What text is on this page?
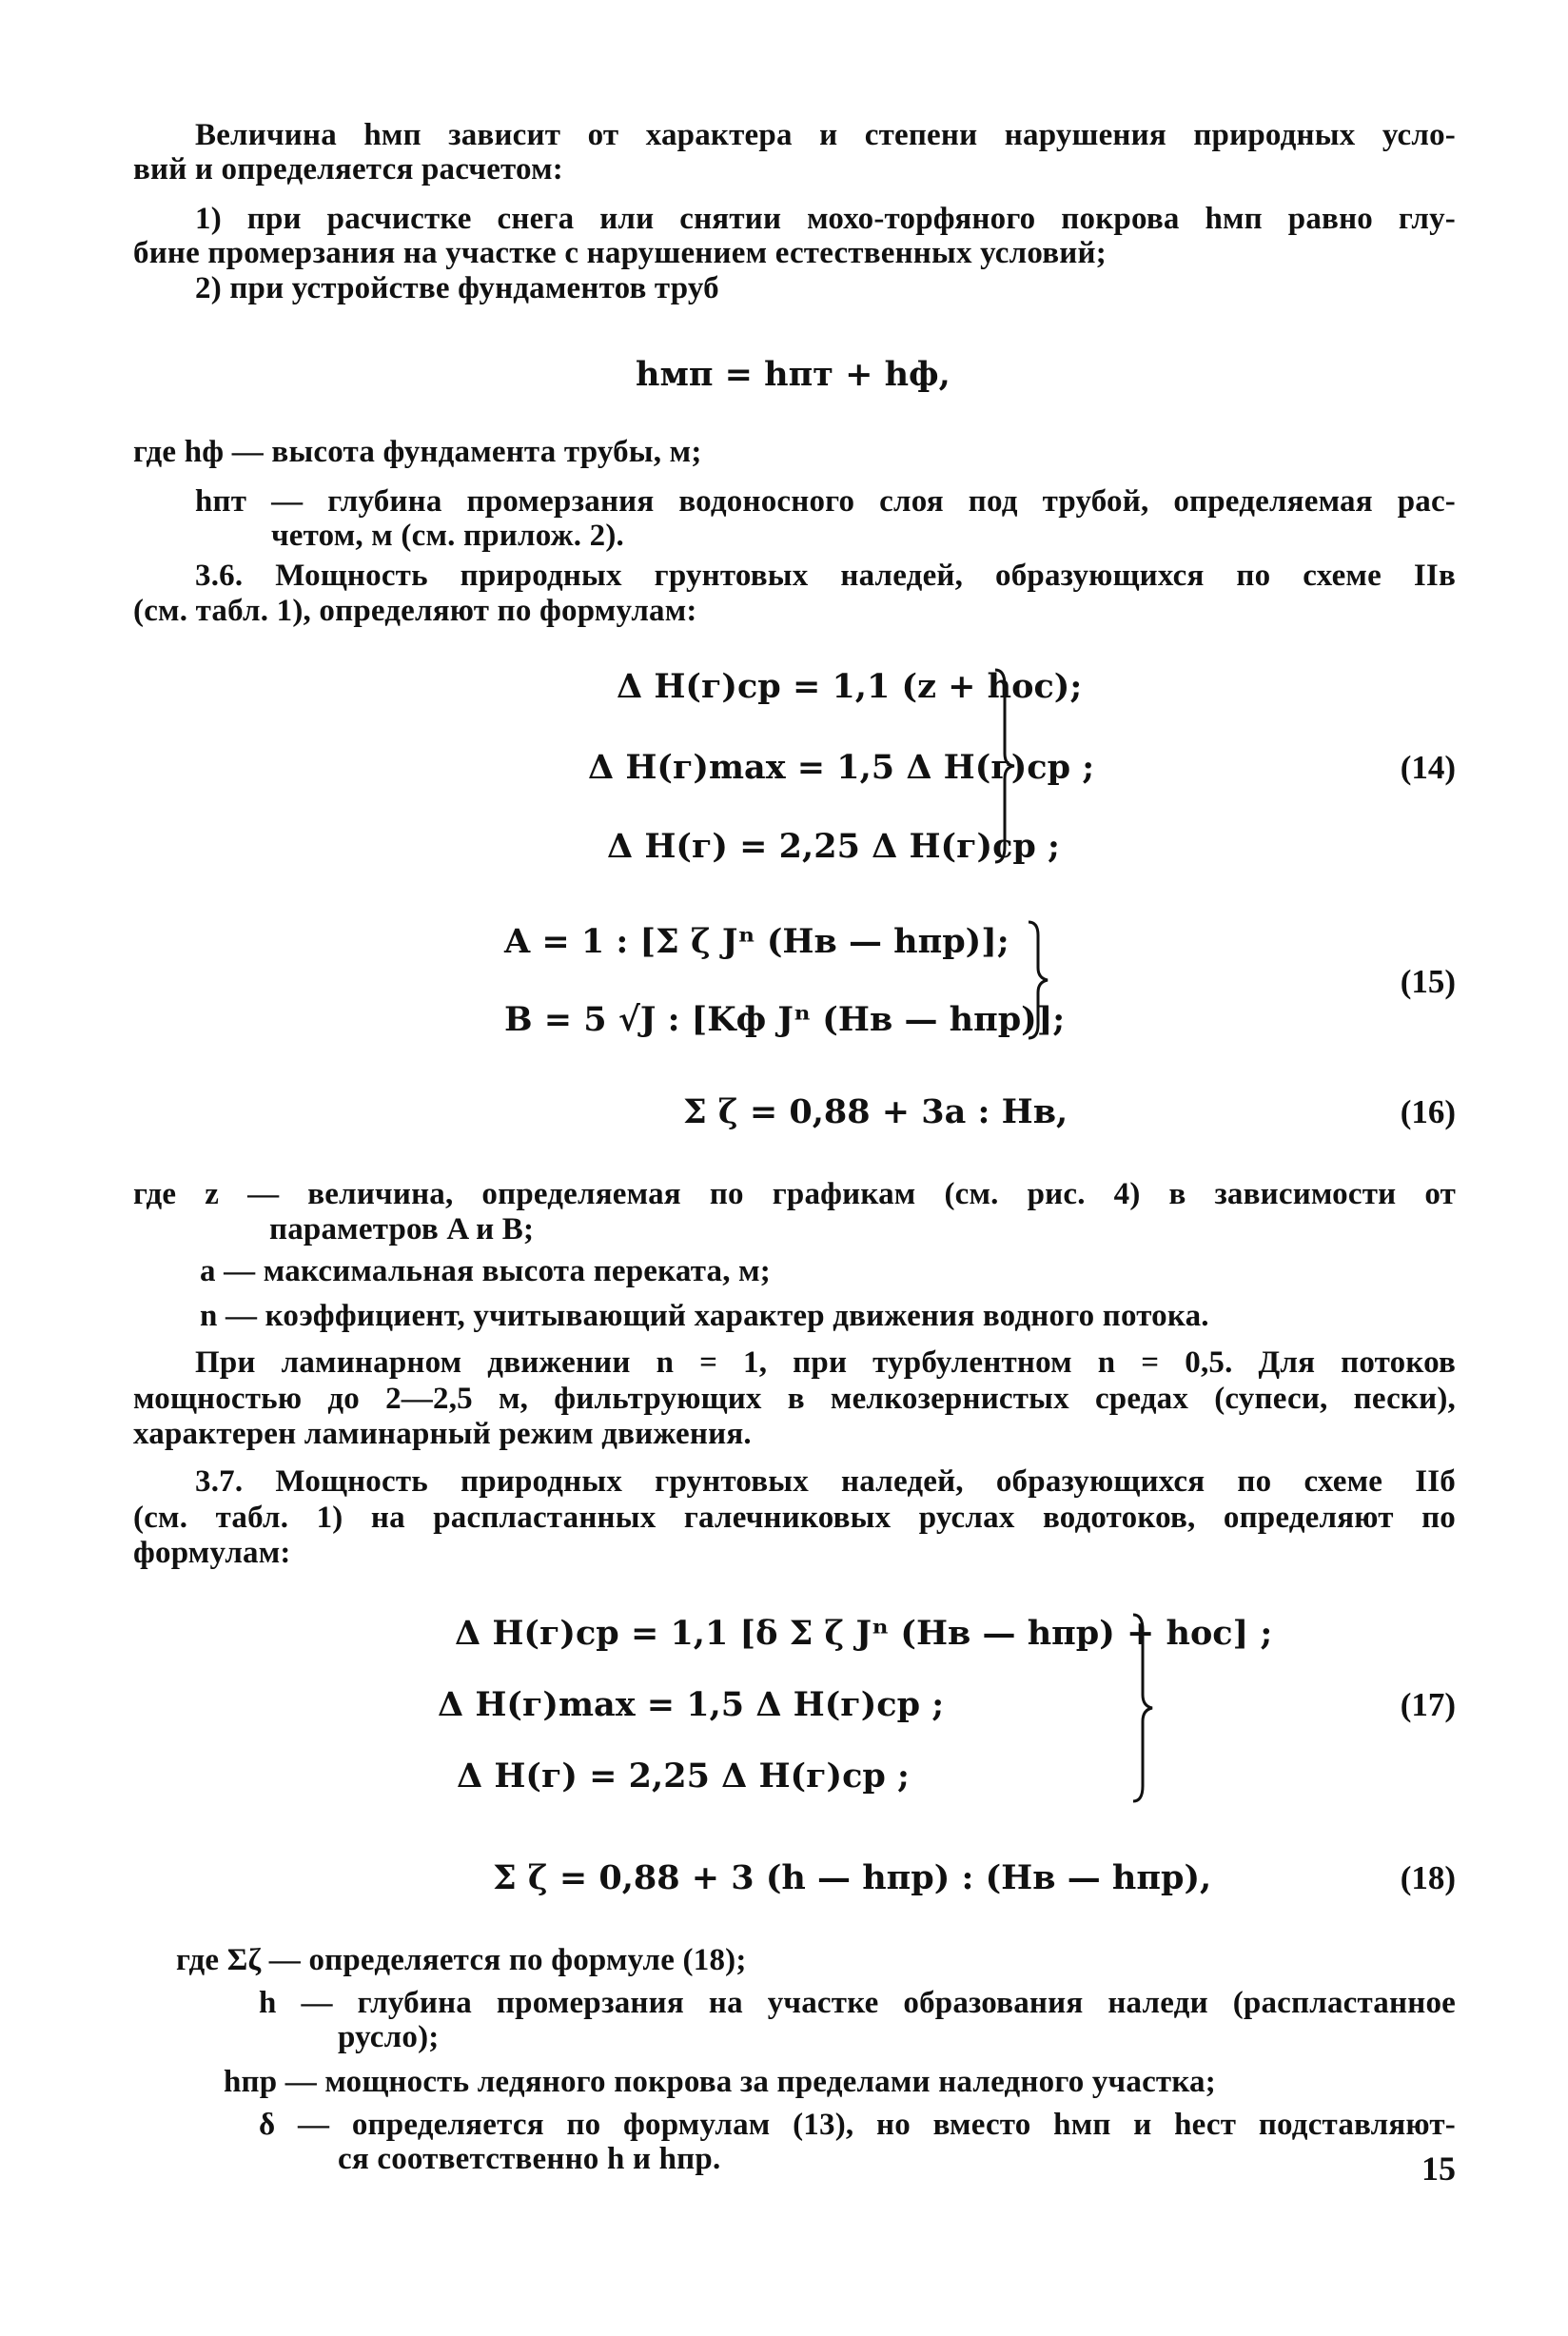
Величина hмп зависит от характера и степени нарушения природных усло-
вий и определяется расчетом:
1) при расчистке снега или снятии мохо-торфяного покрова hмп равно глу-
бине промерзания на участке с нарушением естественных условий;
2) при устройстве фундаментов труб
hмп = hпт + hф,
где hф — высота фундамента трубы, м;
hпт — глубина промерзания водоносного слоя под трубой, определяемая рас-
четом, м (см. прилож. 2).
3.6. Мощность природных грунтовых наледей, образующихся по схеме IIв
(см. табл. 1), определяют по формулам:
Δ H(г)ср = 1,1 (z + hос);
Δ H(г)max = 1,5 Δ H(г)ср ;
Δ H(г) = 2,25 Δ H(г)ср ;
(14)
A = 1 : [Σ ζ Jⁿ (Hв — hпр)];
B = 5 √J : [Kф Jⁿ (Hв — hпр)];
(15)
Σ ζ = 0,88 + 3a : Hв,	(16)
где z — величина, определяемая по графикам (см. рис. 4) в зависимости от
параметров A и B;
a — максимальная высота переката, м;
n — коэффициент, учитывающий характер движения водного потока.
При ламинарном движении n = 1, при турбулентном n = 0,5. Для потоков
мощностью до 2—2,5 м, фильтрующих в мелкозернистых средах (супеси, пески),
характерен ламинарный режим движения.
3.7. Мощность природных грунтовых наледей, образующихся по схеме IIб
(см. табл. 1) на распластанных галечниковых руслах водотоков, определяют по
формулам:
Δ H(г)ср = 1,1 [δ Σ ζ Jⁿ (Hв — hпр) + hос] ;
Δ H(г)max = 1,5 Δ H(г)ср ;
Δ H(г) = 2,25 Δ H(г)ср ;
(17)
Σ ζ = 0,88 + 3 (h — hпр) : (Hв — hпр),	(18)
где Σζ — определяется по формуле (18);
h — глубина промерзания на участке образования наледи (распластанное
русло);
hпр — мощность ледяного покрова за пределами наледного участка;
δ — определяется по формулам (13), но вместо hмп и hест подставляют-
ся соответственно h и hпр.	15
